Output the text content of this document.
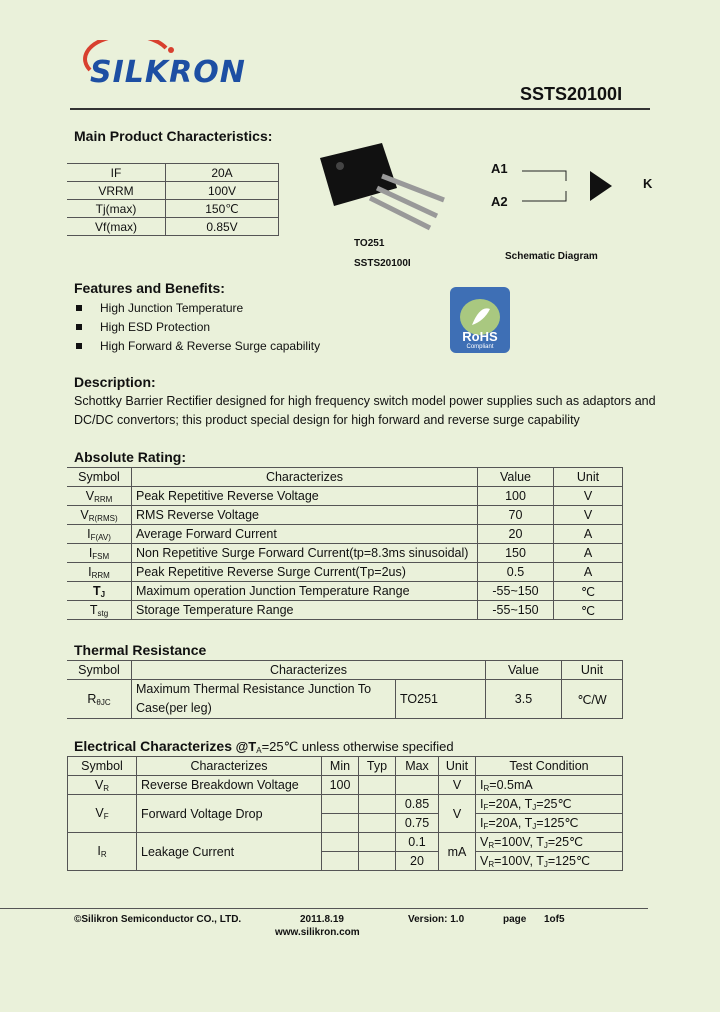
SILKRON
SSTS20100I
Main Product Characteristics:
IF	20A
VRRM	100V
Tj(max)	150℃
Vf(max)	0.85V
TO251
SSTS20100I
A1
A2
K
Schematic Diagram
RoHS
Compliant
Features and Benefits:
High Junction Temperature
High ESD Protection
High Forward & Reverse Surge capability
Description:
Schottky Barrier Rectifier designed for high frequency switch model power supplies such as adaptors and DC/DC convertors; this product special design for high forward and reverse surge capability
Absolute Rating:
Symbol	Characterizes	Value	Unit
$V_{RRM}$	Peak Repetitive Reverse Voltage	100	V
$V_{R(RMS)}$	RMS Reverse Voltage	70	V
$I_{F(AV)}$	Average Forward Current	20	A
$I_{FSM}$	Non Repetitive Surge Forward Current(tp=8.3ms sinusoidal)	150	A
$I_{RRM}$	Peak Repetitive Reverse Surge Current(Tp=2us)	0.5	A
$T_J$	Maximum operation Junction Temperature Range	-55~150	℃
$T_{stg}$	Storage Temperature Range	-55~150	℃
Thermal Resistance
Symbol	Characterizes		Value	Unit
$R_{\theta JC}$	Maximum Thermal Resistance Junction To
Case(per leg)	TO251	3.5	℃/W
Electrical Characterizes $@T_A=25℃$ unless otherwise specified
Symbol	Characterizes	Min	Typ	Max	Unit	Test Condition
$V_R$	Reverse Breakdown Voltage	100			V	$I_R=0.5mA$
$V_F$	Forward Voltage Drop			0.85	V	$I_F=20A$, $T_J=25℃$
				0.75		$I_F=20A$, $T_J=125℃$
$I_R$	Leakage Current			0.1	mA	$V_R=100V$, $T_J=25℃$
				20		$V_R=100V$, $T_J=125℃$
©Silikron Semiconductor CO., LTD.	2011.8.19	Version: 1.0	page 1of5
www.silikron.com
